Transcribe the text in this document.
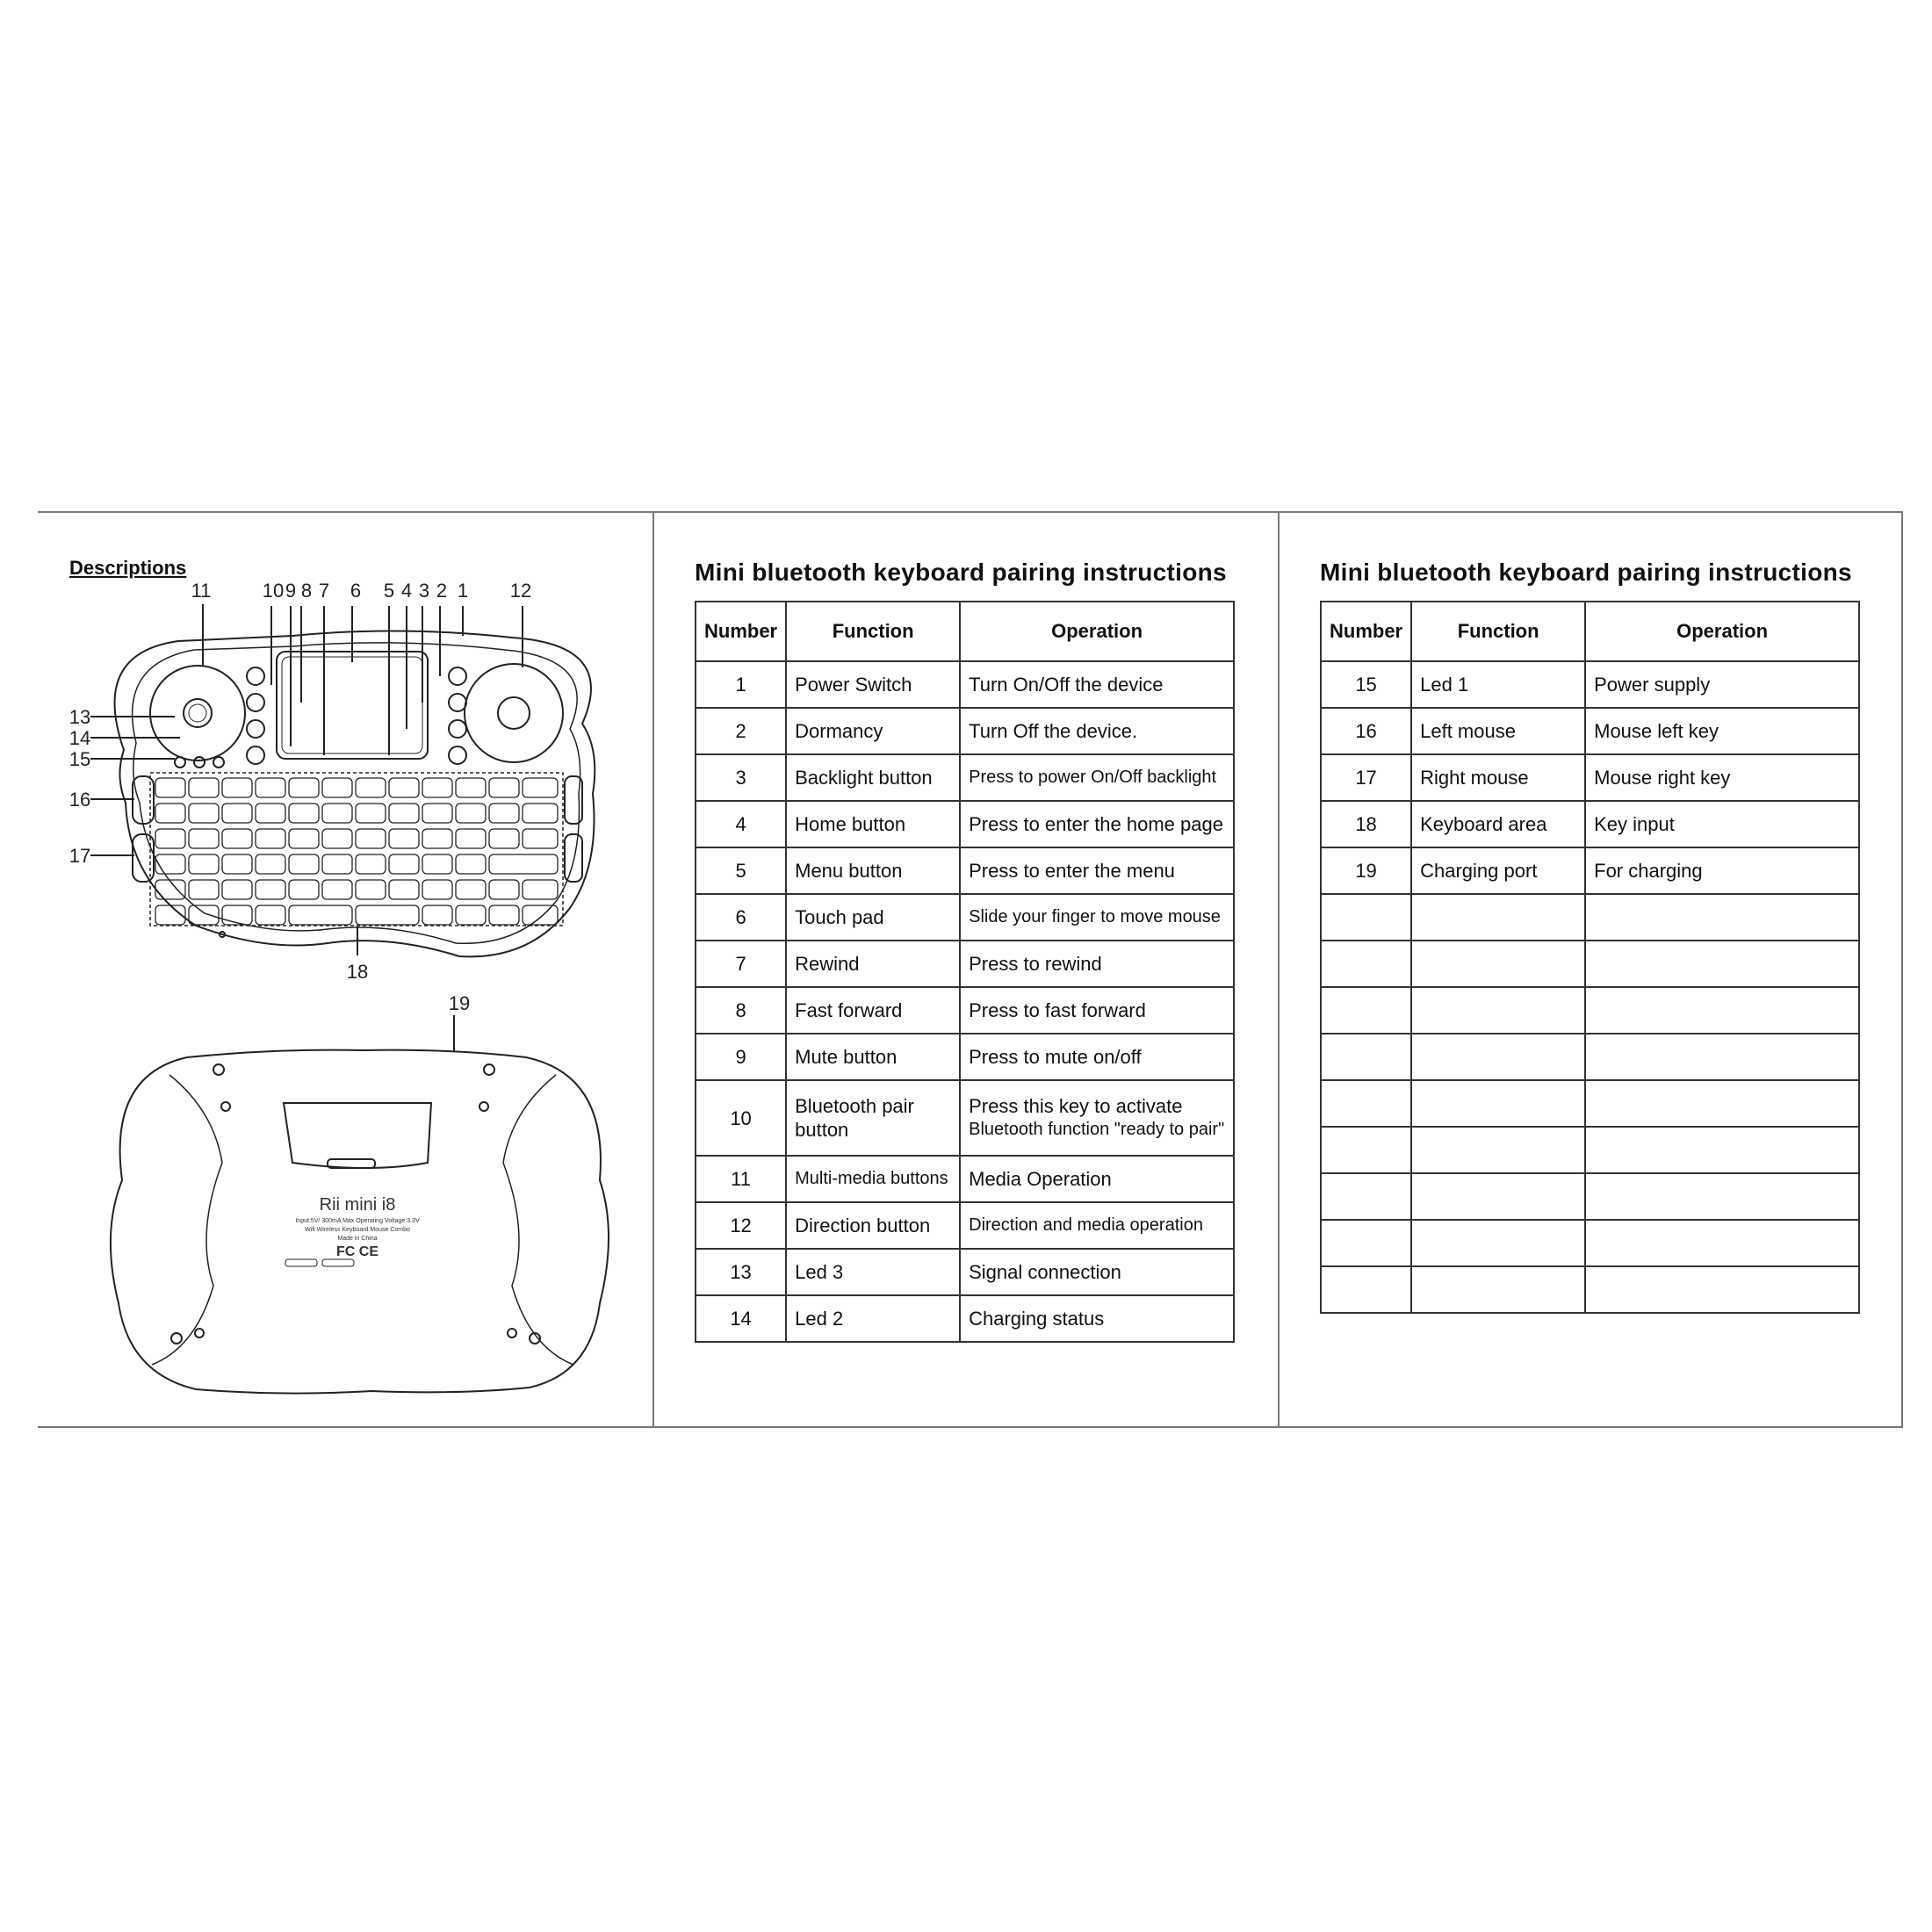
Descriptions
11	10 9 8 7 6 5 4 3 2 1 12
13
14
15
16
17
18
19
Rii mini i8
Input:5V/ 300mA Max Operating Voltage:3.3V
Wifi Wireless Keyboard Mouse Combo
Made in China
FC CE
Mini bluetooth keyboard pairing instructions
Number	Function	Operation
1	Power Switch	Turn On/Off the device
2	Dormancy	Turn Off the device.
3	Backlight button	Press to power On/Off backlight
4	Home button	Press to enter the home page
5	Menu button	Press to enter the menu
6	Touch pad	Slide your finger to move mouse
7	Rewind	Press to rewind
8	Fast forward	Press to fast forward
9	Mute button	Press to mute on/off
10	Bluetooth pair button	Press this key to activate
Bluetooth function "ready to pair"

11	Multi-media buttons	Media Operation
12	Direction button	Direction and media operation
13	Led 3	Signal connection
14	Led 2	Charging status
Mini bluetooth keyboard pairing instructions
Number	Function	Operation
15	Led 1	Power supply
16	Left mouse	Mouse left key
17	Right mouse	Mouse right key
18	Keyboard area	Key input
19	Charging port	For charging
